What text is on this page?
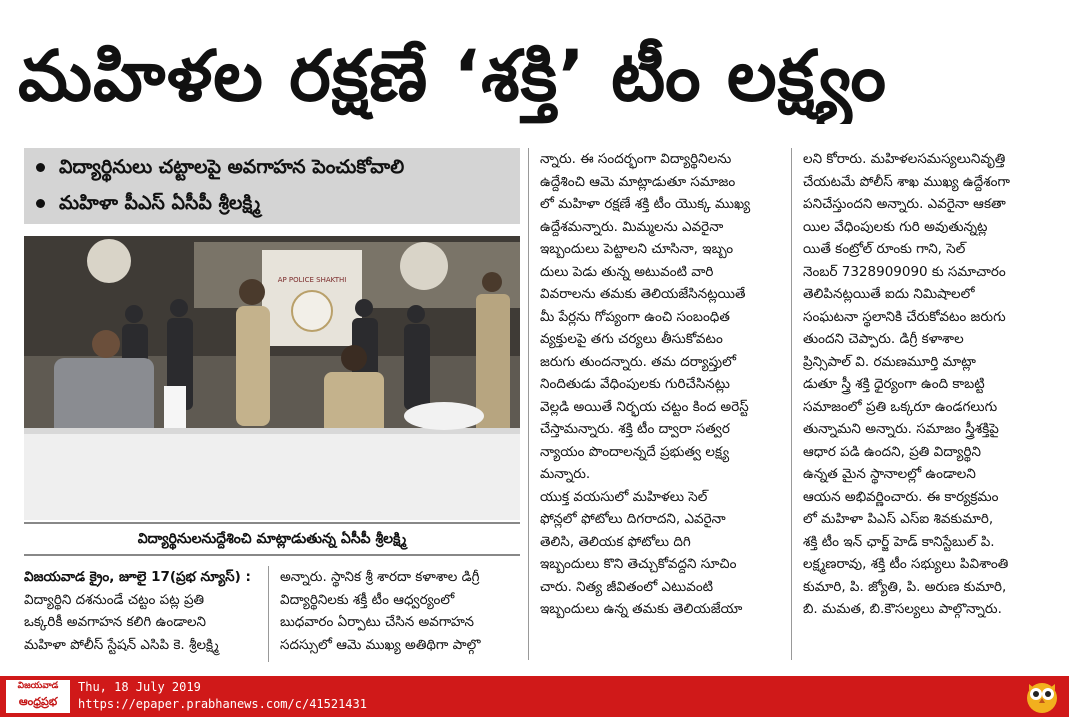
మహిళల రక్షణే ‘శక్తి’ టీం లక్ష్యం
విద్యార్థినులు చట్టాలపై అవగాహన పెంచుకోవాలి
మహిళా పీఎస్ ఏసీపీ శ్రీలక్ష్మి
AP POLICE SHAKTHI
విద్యార్థినులనుద్దేశించి మాట్లాడుతున్న ఏసీపీ శ్రీలక్ష్మి

విజయవాడ క్రైం, జూలై 17(ప్రభ న్యూస్) :

విద్యార్థిని దశనుండే చట్టం పట్ల ప్రతి

ఒక్కరికీ అవగాహన కలిగి ఉండాలని

మహిళా పోలీస్ స్టేషన్ ఎసిపి కె. శ్రీలక్ష్మి

అన్నారు. స్థానిక శ్రీ శారదా కళాశాల డిగ్రీ

విద్యార్థినిలకు శక్తీ టీం ఆధ్వర్యంలో

బుధవారం ఏర్పాటు చేసిన అవగాహన

సదస్సులో ఆమె ముఖ్య అతిథిగా పాల్గొ

న్నారు. ఈ సందర్భంగా విద్యార్థినిలను

ఉద్దేశించి ఆమె మాట్లాడుతూ సమాజం

లో మహిళా రక్షణే శక్తి టీం యొక్క ముఖ్య

ఉద్దేశమన్నారు. మిమ్మలను ఎవరైనా

ఇబ్బందులు పెట్టాలని చూసినా, ఇబ్బం

దులు పెడు తున్న అటువంటి వారి

వివరాలను తమకు తెలియజేసినట్లయితే

మీ పేర్లను గోప్యంగా ఉంచి సంబంధిత

వ్యక్తులపై తగు చర్యలు తీసుకోవటం

జరుగు తుందన్నారు. తమ దర్యాప్తులో

నిందితుడు వేధింపులకు గురిచేసినట్లు

వెల్లడి అయితే నిర్భయ చట్టం కింద అరెస్ట్

చేస్తామన్నారు. శక్తి టీం ద్వారా సత్వర

న్యాయం పొందాలన్నదే ప్రభుత్వ లక్ష్య

మన్నారు.

యుక్త వయసులో మహిళలు సెల్

ఫోన్లలో ఫోటోలు దిగరాదని, ఎవరైనా

తెలిసి, తెలియక ఫోటోలు దిగి

ఇబ్బందులు కొని తెచ్చుకోవద్దని సూచిం

చారు. నిత్య జీవితంలో ఎటువంటి

ఇబ్బందులు ఉన్న తమకు తెలియజేయా

లని కోరారు. మహిళలసమస్యలునివృత్తి

చేయటమే పోలీస్ శాఖ ముఖ్య ఉద్దేశంగా

పనిచేస్తుందని అన్నారు. ఎవరైనా ఆకతా

యిల వేధింపులకు గురి అవుతున్నట్ల

యితే కంట్రోల్ రూంకు గాని, సెల్

నెంబర్ 7328909090 కు సమాచారం

తెలిపినట్లయితే ఐదు నిమిషాలలో

సంఘటనా స్థలానికి చేరుకోవటం జరుగు

తుందని చెప్పారు. డిగ్రీ కళాశాల

ప్రిన్సిపాల్ వి. రమణమూర్తి మాట్లా

డుతూ స్త్రీ శక్తి ధైర్యంగా ఉంది కాబట్టి

సమాజంలో ప్రతి ఒక్కరూ ఉండగలుగు

తున్నామని అన్నారు. సమాజం స్త్రీశక్తిపై

ఆధార పడి ఉందని, ప్రతి విద్యార్థిని

ఉన్నత మైన స్థానాలల్లో ఉండాలని

ఆయన అభివర్ణించారు. ఈ కార్యక్రమం

లో మహిళా పిఎస్ ఎస్ఐ శివకుమారి,

శక్తి టీం ఇన్ ఛార్జ్ హెడ్ కానిస్టేబుల్ పి.

లక్ష్మణరావు, శక్తి టీం సభ్యులు పివిశాంతి

కుమారి, పి. జ్యోతి, పి. అరుణ కుమారి,

బి. మమత, బి.కౌసల్యలు పాల్గొన్నారు.

విజయవాడ
ఆంధ్రప్రభ
Thu, 18 July 2019
https://epaper.prabhanews.com/c/41521431
